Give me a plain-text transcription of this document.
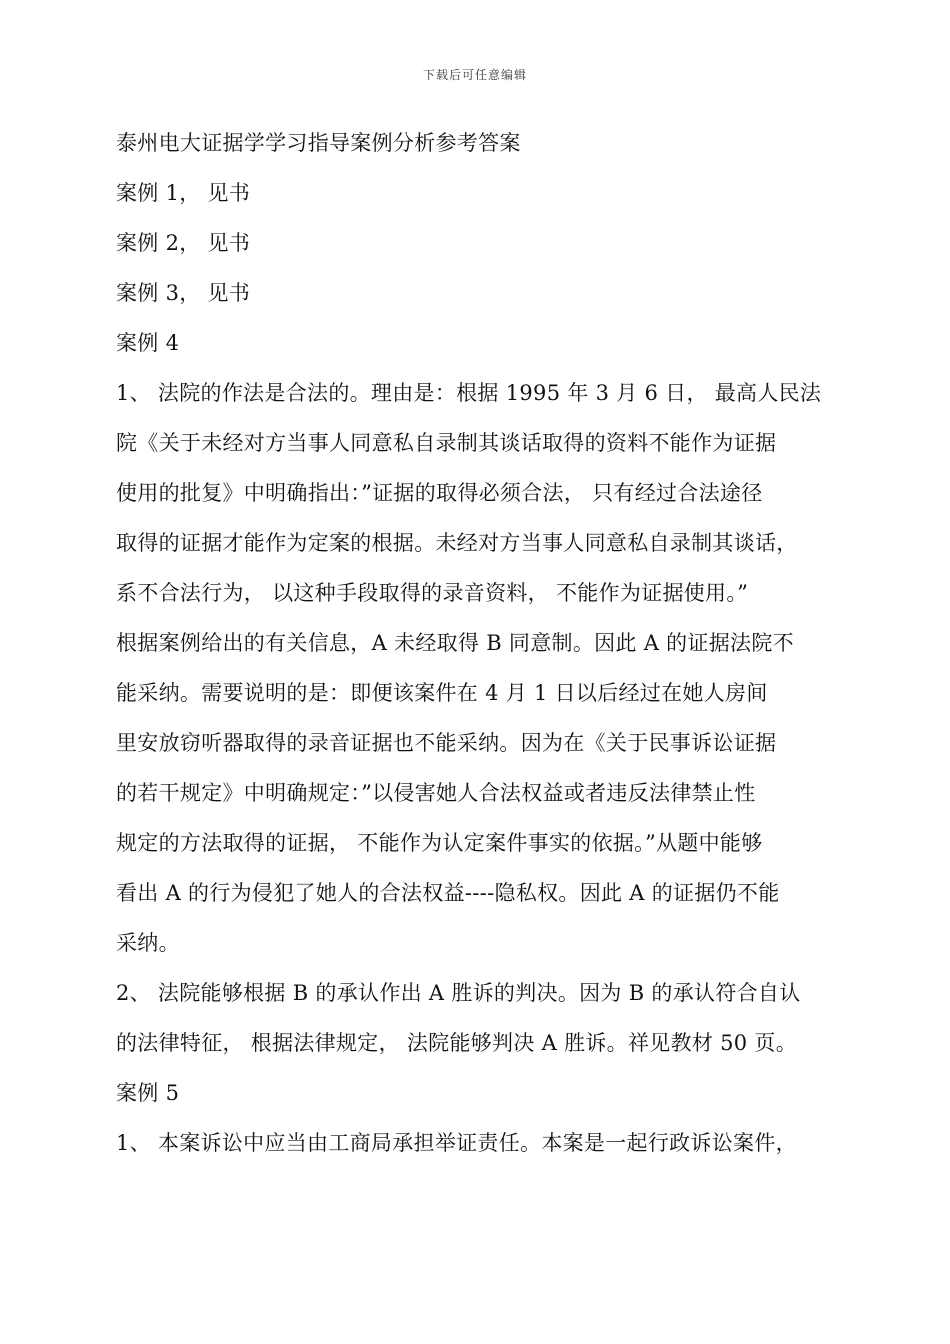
下载后可任意编辑
泰州电大证据学学习指导案例分析参考答案
案例 1， 见书
案例 2， 见书
案例 3， 见书
案例 4
1、 法院的作法是合法的。理由是：根据 1995 年 3 月 6 日， 最高人民法
院《关于未经对方当事人同意私自录制其谈话取得的资料不能作为证据
使用的批复》中明确指出：”证据的取得必须合法， 只有经过合法途径
取得的证据才能作为定案的根据。未经对方当事人同意私自录制其谈话，
系不合法行为， 以这种手段取得的录音资料， 不能作为证据使用。”
根据案例给出的有关信息，A 未经取得 B 同意制。因此 A 的证据法院不
能采纳。需要说明的是：即便该案件在 4 月 1 日以后经过在她人房间
里安放窃听器取得的录音证据也不能采纳。因为在《关于民事诉讼证据
的若干规定》中明确规定：”以侵害她人合法权益或者违反法律禁止性
规定的方法取得的证据， 不能作为认定案件事实的依据。”从题中能够
看出 A 的行为侵犯了她人的合法权益----隐私权。因此 A 的证据仍不能
采纳。
2、 法院能够根据 B 的承认作出 A 胜诉的判决。因为 B 的承认符合自认
的法律特征， 根据法律规定， 法院能够判决 A 胜诉。祥见教材 50 页。
案例 5
1、 本案诉讼中应当由工商局承担举证责任。本案是一起行政诉讼案件，
